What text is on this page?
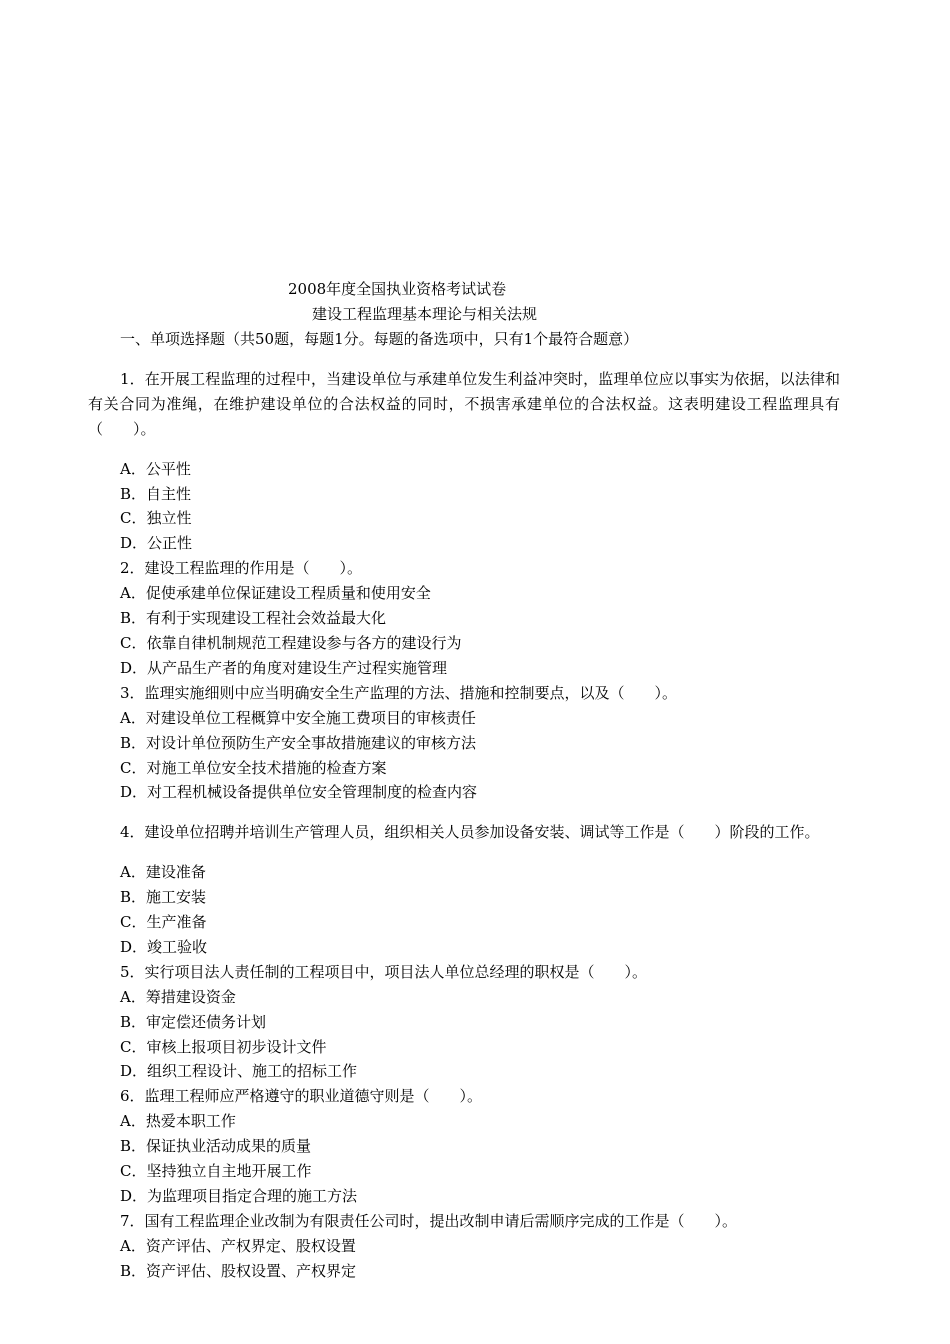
2008年度全国执业资格考试试卷
建设工程监理基本理论与相关法规

一、单项选择题（共50题，每题1分。每题的备选项中，只有1个最符合题意）

1．在开展工程监理的过程中，当建设单位与承建单位发生利益冲突时，监理单位应以事实为依据，以法律和有关合同为准绳，在维护建设单位的合法权益的同时，不损害承建单位的合法权益。这表明建设工程监理具有（　　）。

A．公平性

B．自主性

C．独立性

D．公正性

2．建设工程监理的作用是（　　）。

A．促使承建单位保证建设工程质量和使用安全

B．有利于实现建设工程社会效益最大化

C．依靠自律机制规范工程建设参与各方的建设行为

D．从产品生产者的角度对建设生产过程实施管理

3．监理实施细则中应当明确安全生产监理的方法、措施和控制要点，以及（　　）。

A．对建设单位工程概算中安全施工费项目的审核责任

B．对设计单位预防生产安全事故措施建议的审核方法

C．对施工单位安全技术措施的检查方案

D．对工程机械设备提供单位安全管理制度的检查内容

4．建设单位招聘并培训生产管理人员，组织相关人员参加设备安装、调试等工作是（　　）阶段的工作。

A．建设准备

B．施工安装

C．生产准备

D．竣工验收

5．实行项目法人责任制的工程项目中，项目法人单位总经理的职权是（　　）。

A．筹措建设资金

B．审定偿还债务计划

C．审核上报项目初步设计文件

D．组织工程设计、施工的招标工作

6．监理工程师应严格遵守的职业道德守则是（　　）。

A．热爱本职工作

B．保证执业活动成果的质量

C．坚持独立自主地开展工作

D．为监理项目指定合理的施工方法

7．国有工程监理企业改制为有限责任公司时，提出改制申请后需顺序完成的工作是（　　）。

A．资产评估、产权界定、股权设置

B．资产评估、股权设置、产权界定
